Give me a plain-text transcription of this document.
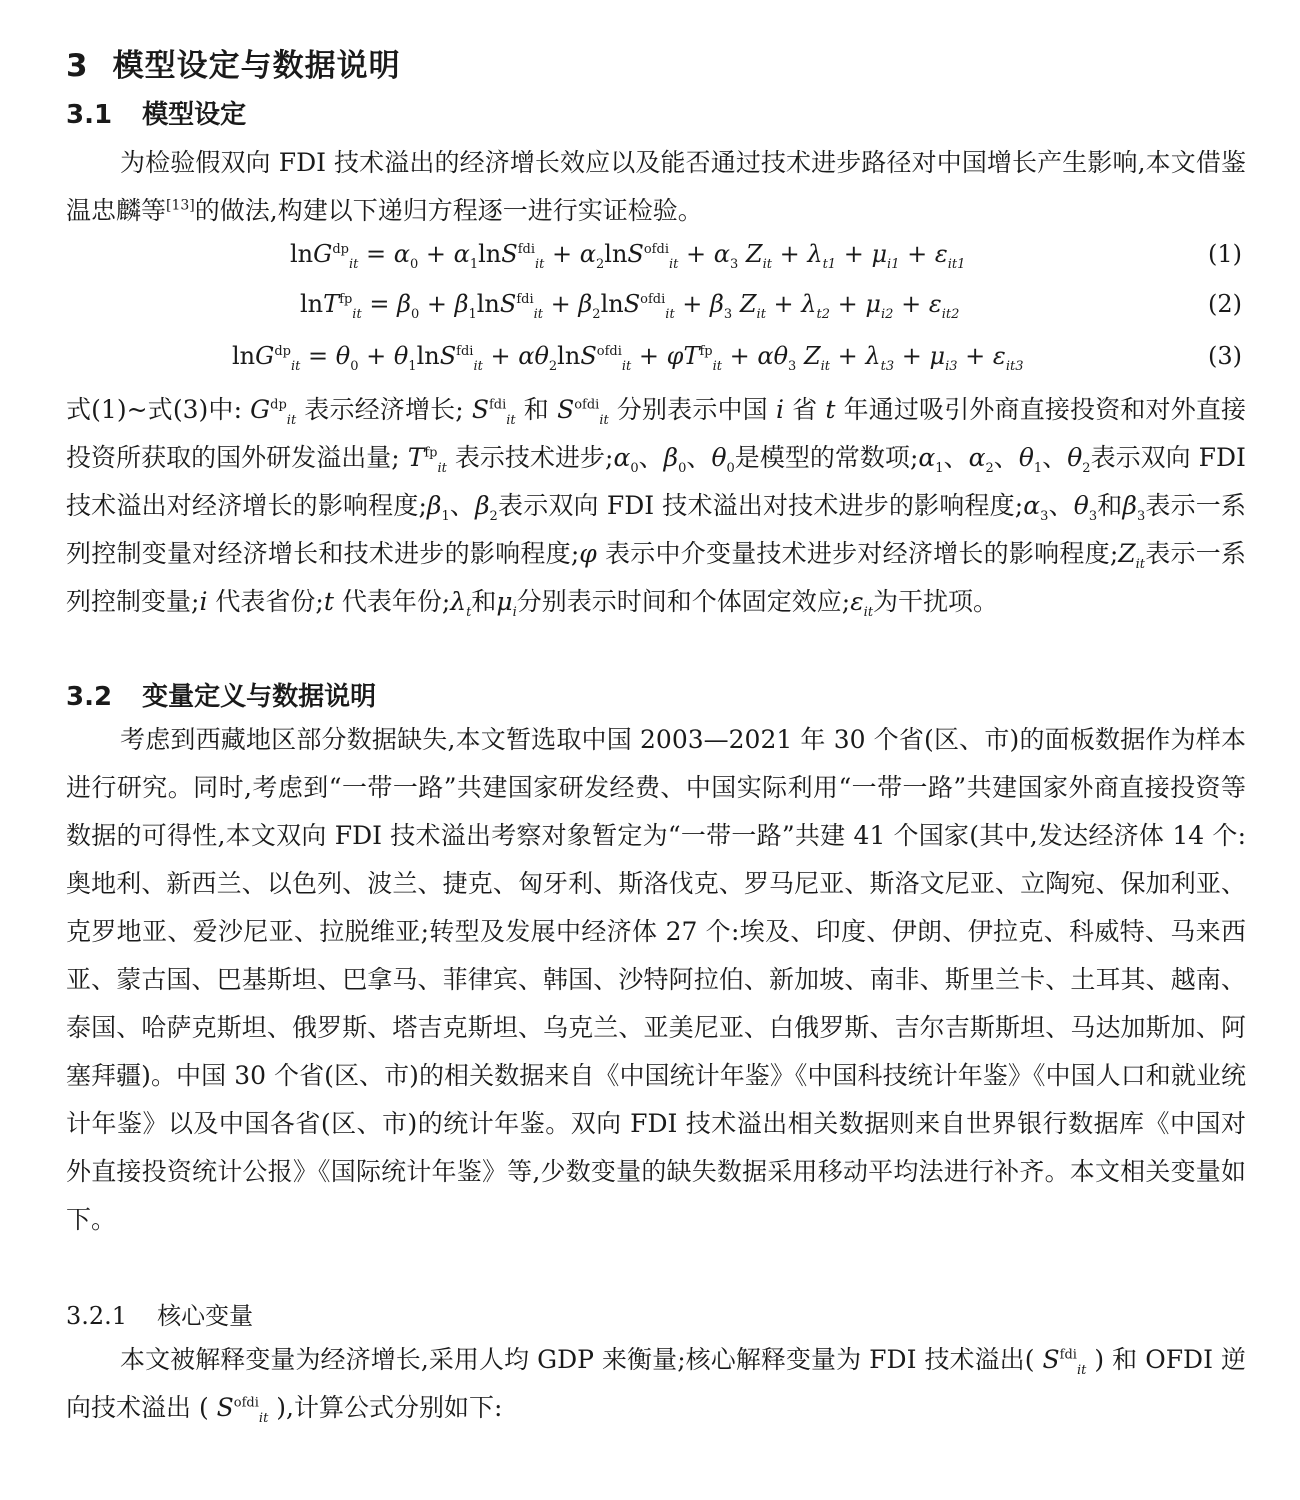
3 模型设定与数据说明
3.1 模型设定
为检验假双向 FDI 技术溢出的经济增长效应以及能否通过技术进步路径对中国增长产生影响,本文借鉴温忠麟等[13]的做法,构建以下递归方程逐一进行实证检验。
$\ln G^{dp}_{it} = \alpha_0 + \alpha_1\ln S^{fdi}_{it} + \alpha_2\ln S^{ofdi}_{it} + \alpha_3$ $Z_{it} + \lambda_{t1} + \mu_{i1} + \varepsilon_{it1}$	(1)
$\ln T^{fp}_{it} = \beta_0 + \beta_1\ln S^{fdi}_{it} + \beta_2\ln S^{ofdi}_{it} + \beta_3$ $Z_{it} + \lambda_{t2} + \mu_{i2} + \varepsilon_{it2}$	(2)
$\ln G^{dp}_{it} = \theta_0 + \theta_1\ln S^{fdi}_{it} + \alpha\theta_2\ln S^{ofdi}_{it} + \varphi T^{fp}_{it} + \alpha\theta_3$ $Z_{it} + \lambda_{t3} + \mu_{i3} + \varepsilon_{it3}$	(3)
式(1)~式(3)中: $G^{dp}_{it}$ 表示经济增长; $S^{fdi}_{it}$ 和 $S^{ofdi}_{it}$ 分别表示中国 i 省 t 年通过吸引外商直接投资和对外直接投资所获取的国外研发溢出量; $T^{fp}_{it}$ 表示技术进步$;\alpha_0$、$\beta_0$、$\theta_0$是模型的常数项$;\alpha_1$、$\alpha_2$、$\theta_1$、$\theta_2$表示双向 FDI 技术溢出对经济增长的影响程度$;\beta_1$、$\beta_2$表示双向 FDI 技术溢出对技术进步的影响程度$;\alpha_3$、$\theta_3$和$\beta_3$表示一系列控制变量对经济增长和技术进步的影响程度;φ 表示中介变量技术进步对经济增长的影响程度$;Z_{it}$表示一系列控制变量;i 代表省份;t 代表年份$;\lambda_t$和$\mu_i$分别表示时间和个体固定效应$;\varepsilon_{it}$为干扰项。
3.2 变量定义与数据说明
考虑到西藏地区部分数据缺失,本文暂选取中国 2003—2021 年 30 个省(区、市)的面板数据作为样本进行研究。同时,考虑到“一带一路”共建国家研发经费、中国实际利用“一带一路”共建国家外商直接投资等数据的可得性,本文双向 FDI 技术溢出考察对象暂定为“一带一路”共建 41 个国家(其中,发达经济体 14 个:奥地利、新西兰、以色列、波兰、捷克、匈牙利、斯洛伐克、罗马尼亚、斯洛文尼亚、立陶宛、保加利亚、克罗地亚、爱沙尼亚、拉脱维亚;转型及发展中经济体 27 个:埃及、印度、伊朗、伊拉克、科威特、马来西亚、蒙古国、巴基斯坦、巴拿马、菲律宾、韩国、沙特阿拉伯、新加坡、南非、斯里兰卡、土耳其、越南、泰国、哈萨克斯坦、俄罗斯、塔吉克斯坦、乌克兰、亚美尼亚、白俄罗斯、吉尔吉斯斯坦、马达加斯加、阿塞拜疆)。中国 30 个省(区、市)的相关数据来自《中国统计年鉴》《中国科技统计年鉴》《中国人口和就业统计年鉴》以及中国各省(区、市)的统计年鉴。双向 FDI 技术溢出相关数据则来自世界银行数据库《中国对外直接投资统计公报》《国际统计年鉴》等,少数变量的缺失数据采用移动平均法进行补齐。本文相关变量如下。
3.2.1 核心变量
本文被解释变量为经济增长,采用人均 GDP 来衡量;核心解释变量为 FDI 技术溢出( $S^{fdi}_{it}$ ) 和 OFDI 逆向技术溢出 ( $S^{ofdi}_{it}$ ),计算公式分别如下:
